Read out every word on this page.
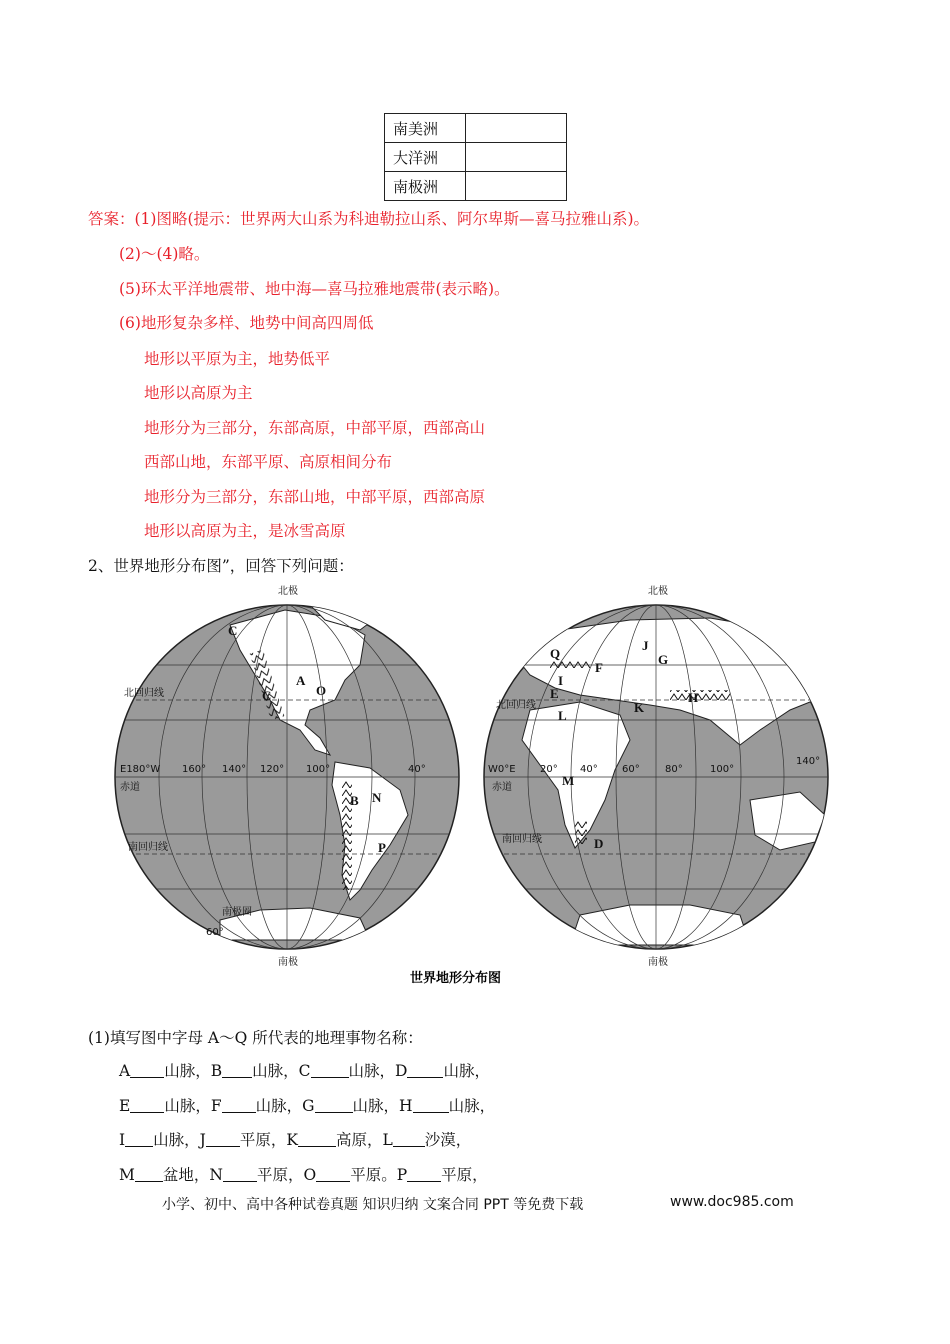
南美洲	
大洋洲	
南极洲	
答案：(1)图略(提示：世界两大山系为科迪勒拉山系、阿尔卑斯—喜马拉雅山系)。
(2)～(4)略。
(5)环太平洋地震带、地中海—喜马拉雅地震带(表示略)。
(6)地形复杂多样、地势中间高四周低
地形以平原为主，地势低平
地形以高原为主
地形分为三部分，东部高原，中部平原，西部高山
西部山地，东部平原、高原相间分布
地形分为三部分，东部山地，中部平原，西部高原
地形以高原为主，是冰雪高原
2、世界地形分布图”，回答下列问题：
北极
南极
北回归线
南回归线
赤道
E180°W 160° 140° 120° 100°	40°
60°
南极圈
C
C
A
O
N
B
P
北极
南极
北回归线
南回归线
赤道
W0°E 20° 40° 60°	80°	100°
140°
Q
E
F
I
L
J
G
H
K
M
D
世界地形分布图
(1)填写图中字母 A～Q 所代表的地理事物名称：
A 山脉，B 山脉，C 山脉，D 山脉，
E 山脉，F 山脉，G 山脉，H 山脉，
I 山脉，J 平原，K 高原，L 沙漠，
M 盆地，N 平原，O 平原。P 平原，
小学、初中、高中各种试卷真题 知识归纳 文案合同 PPT 等免费下载	www.doc985.com
